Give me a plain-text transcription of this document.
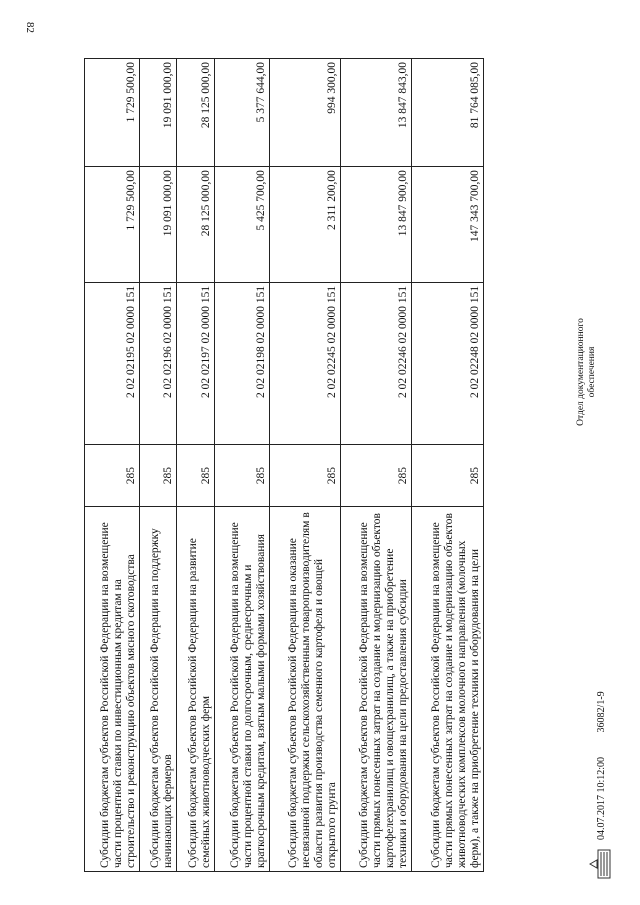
82
Субсидии бюджетам субъектов Российской Федерации на возмещение части процентной ставки по инвестиционным кредитам на строительство и реконструкцию объектов мясного скотоводства	285	2 02 02195 02 0000 151	1 729 500,00	1 729 500,00
Субсидии бюджетам субъектов Российской Федерации на поддержку начинающих фермеров	285	2 02 02196 02 0000 151	19 091 000,00	19 091 000,00
Субсидии бюджетам субъектов Российской Федерации на развитие семейных животноводческих ферм	285	2 02 02197 02 0000 151	28 125 000,00	28 125 000,00
Субсидии бюджетам субъектов Российской Федерации на возмещение части процентной ставки по долгосрочным, среднесрочным и краткосрочным кредитам, взятым малыми формами хозяйствования	285	2 02 02198 02 0000 151	5 425 700,00	5 377 644,00
Субсидии бюджетам субъектов Российской Федерации на оказание несвязанной поддержки сельскохозяйственным товаропроизводителям в области развития производства семенного картофеля и овощей открытого грунта	285	2 02 02245 02 0000 151	2 311 200,00	994 300,00
Субсидии бюджетам субъектов Российской Федерации на возмещение части прямых понесенных затрат на создание и модернизацию объектов картофелехранилищ и овощехранилищ, а также на приобретение техники и оборудования на цели предоставления субсидии	285	2 02 02246 02 0000 151	13 847 900,00	13 847 843,00
Субсидии бюджетам субъектов Российской Федерации на возмещение части прямых понесенных затрат на создание и модернизацию объектов животноводческих комплексов молочного направления (молочных ферм), а также на приобретение техники и оборудования на цели	285	2 02 02248 02 0000 151	147 343 700,00	81 764 085,00
Отдел документационного обеспечения
04.07.2017 10:12:00 36082/1-9
